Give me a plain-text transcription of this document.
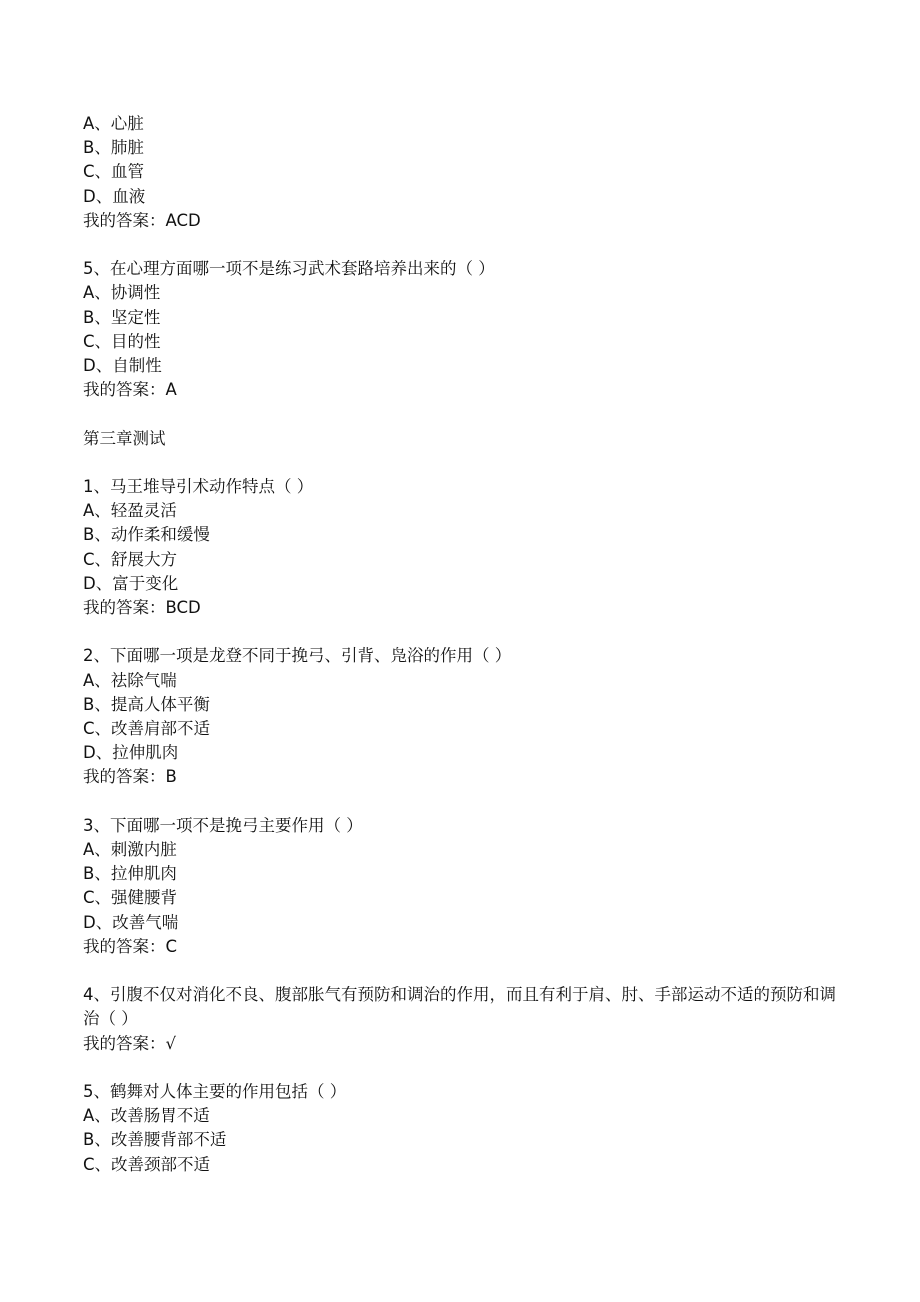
A、心脏

B、肺脏

C、血管

D、血液

我的答案：ACD

5、在心理方面哪一项不是练习武术套路培养出来的（ ）

A、协调性

B、坚定性

C、目的性

D、自制性

我的答案：A

第三章测试

1、马王堆导引术动作特点（ ）

A、轻盈灵活

B、动作柔和缓慢

C、舒展大方

D、富于变化

我的答案：BCD

2、下面哪一项是龙登不同于挽弓、引背、凫浴的作用（ ）

A、祛除气喘

B、提高人体平衡

C、改善肩部不适

D、拉伸肌肉

我的答案：B

3、下面哪一项不是挽弓主要作用（ ）

A、刺激内脏

B、拉伸肌肉

C、强健腰背

D、改善气喘

我的答案：C

4、引腹不仅对消化不良、腹部胀气有预防和调治的作用，而且有利于肩、肘、手部运动不适的预防和调治（ ）

我的答案：√

5、鹤舞对人体主要的作用包括（ ）

A、改善肠胃不适

B、改善腰背部不适

C、改善颈部不适
